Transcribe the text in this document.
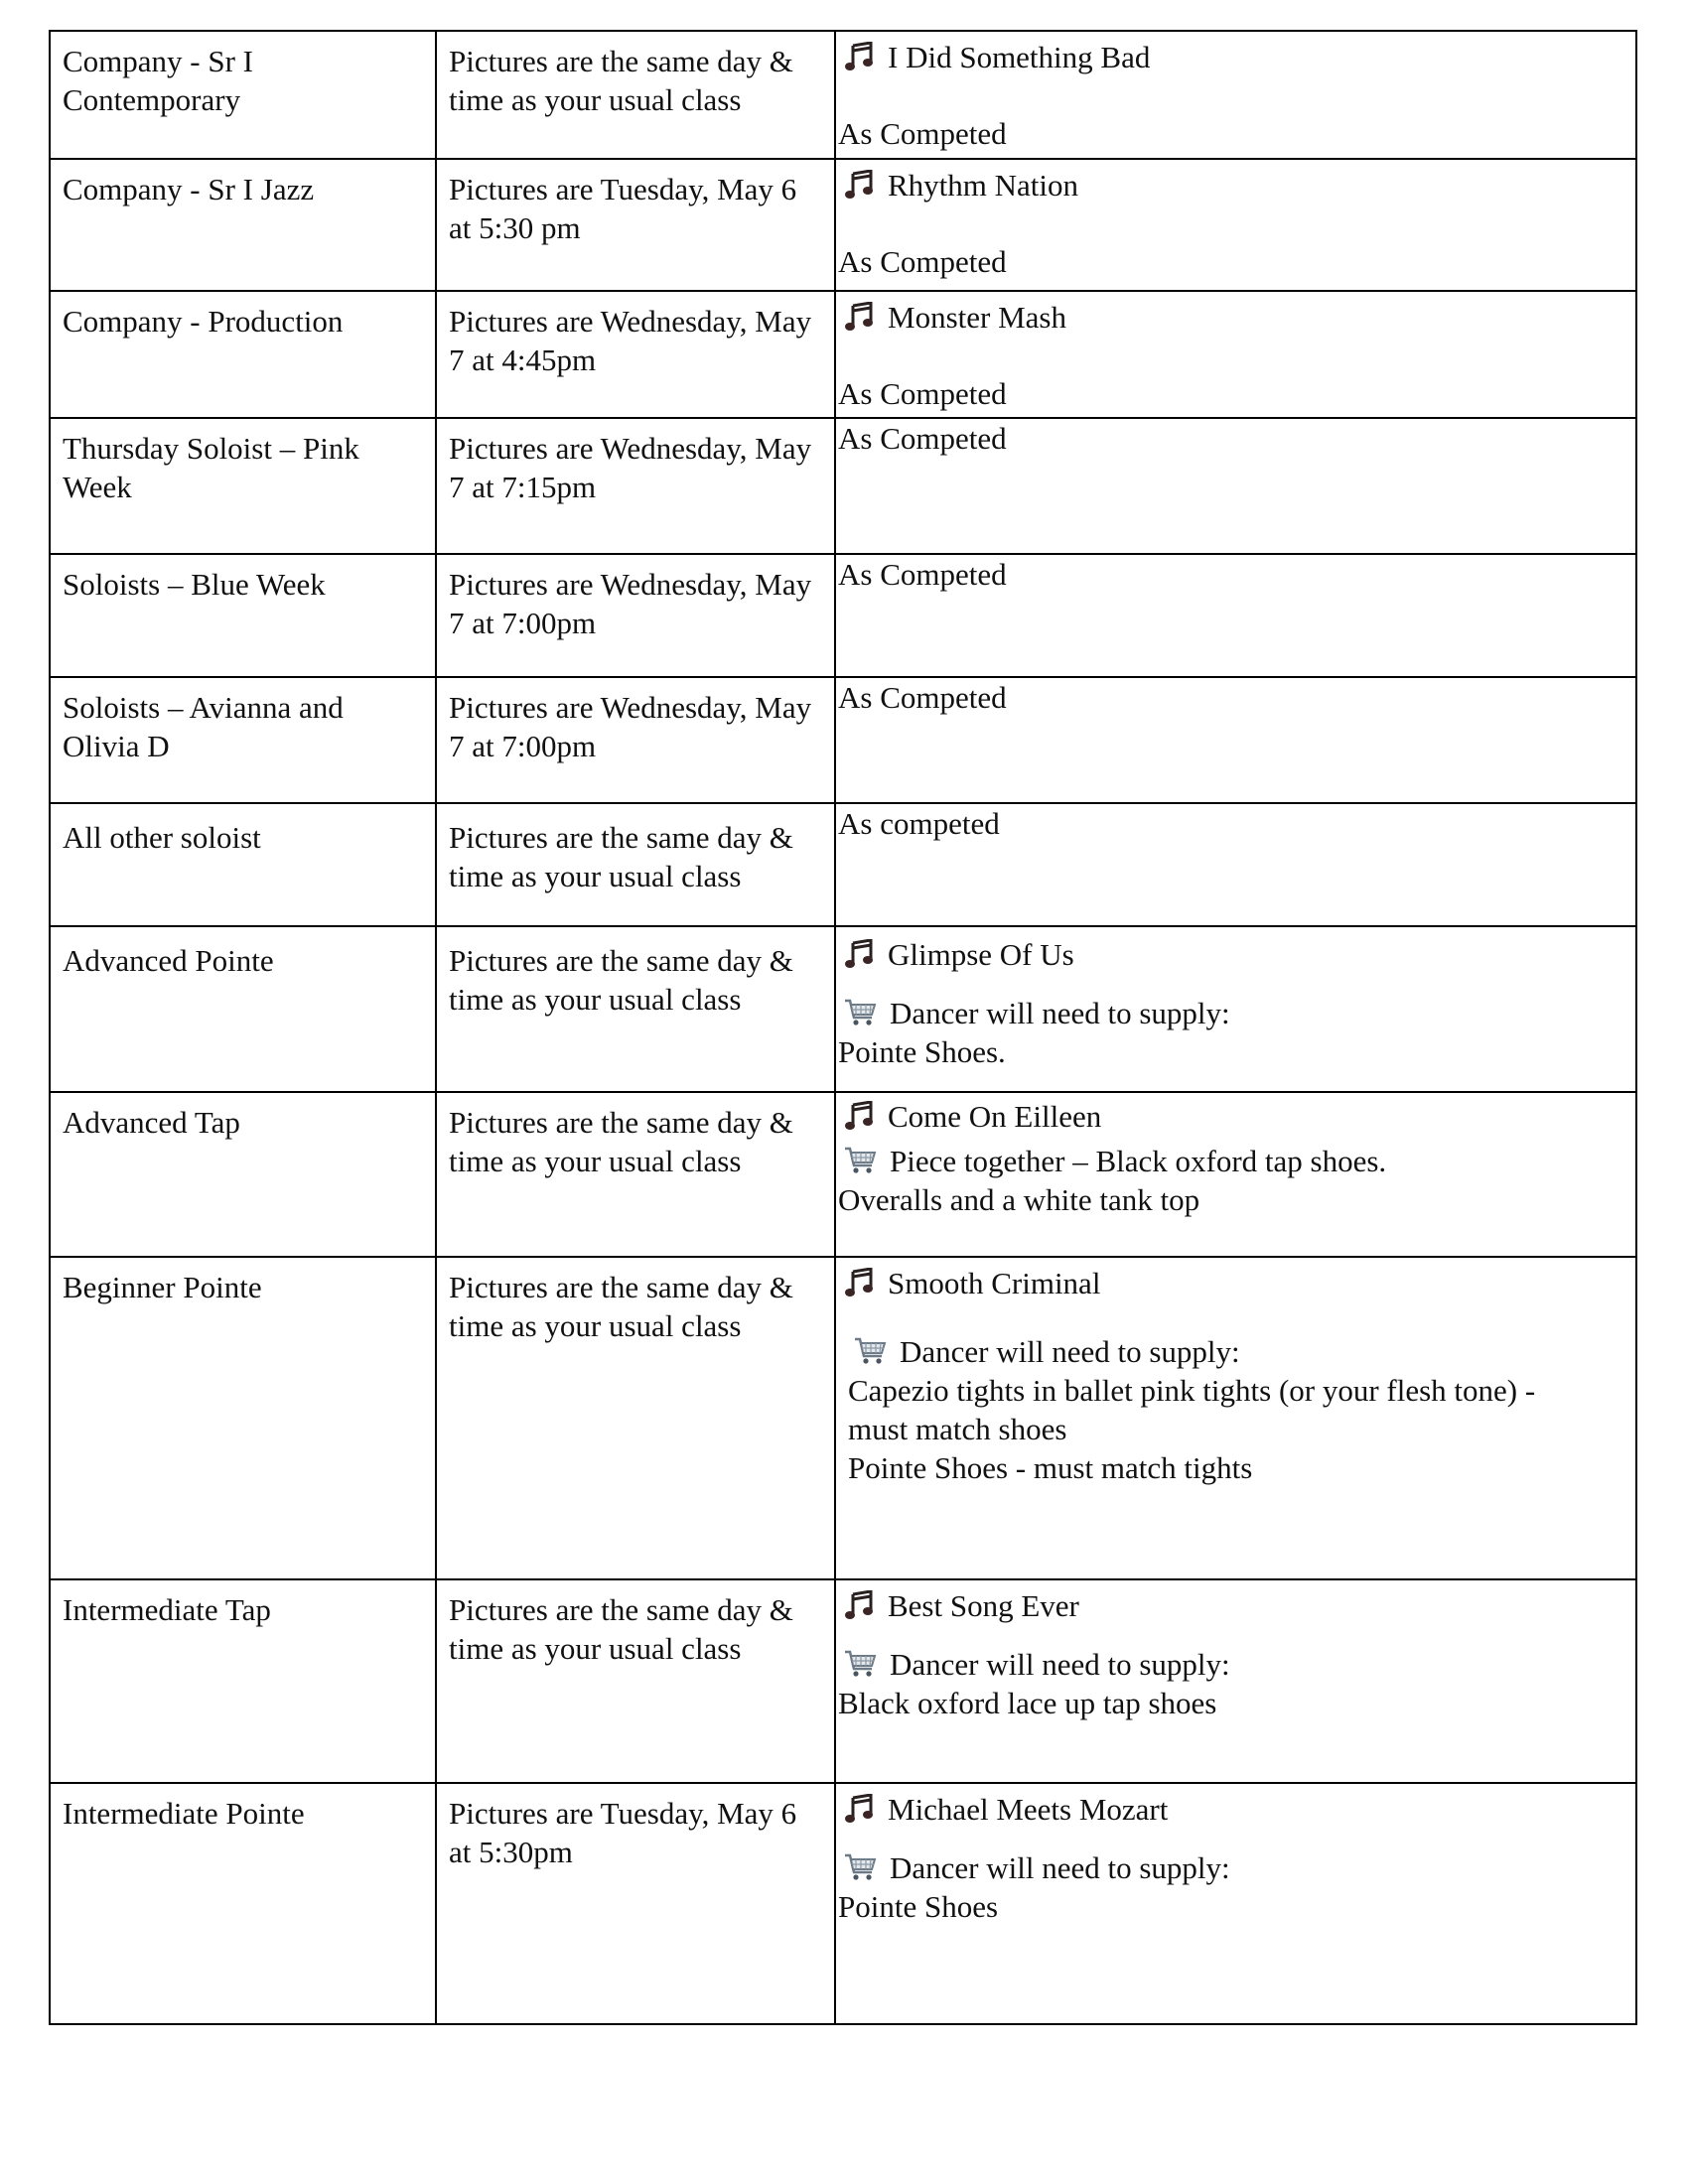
Company - Sr I Contemporary	Pictures are the same day & time as your usual class	I Did Something Bad
As Competed

Company - Sr I Jazz	Pictures are Tuesday, May 6 at 5:30 pm	Rhythm Nation
As Competed

Company - Production	Pictures are Wednesday, May 7 at 4:45pm	Monster Mash
As Competed

Thursday Soloist – Pink Week	Pictures are Wednesday, May 7 at 7:15pm	As Competed

Soloists – Blue Week	Pictures are Wednesday, May 7 at 7:00pm	As Competed

Soloists – Avianna and Olivia D	Pictures are Wednesday, May 7 at 7:00pm	As Competed

All other soloist	Pictures are the same day & time as your usual class	As competed

Advanced Pointe	Pictures are the same day & time as your usual class	Glimpse Of Us
Dancer will need to supply:
Pointe Shoes.

Advanced Tap	Pictures are the same day & time as your usual class	Come On Eilleen
Piece together – Black oxford tap shoes.
Overalls and a white tank top

Beginner Pointe	Pictures are the same day & time as your usual class	Smooth Criminal
Dancer will need to supply:
Capezio tights in ballet pink tights (or your flesh tone) - must match shoes
Pointe Shoes - must match tights

Intermediate Tap	Pictures are the same day & time as your usual class	Best Song Ever
Dancer will need to supply:
Black oxford lace up tap shoes

Intermediate Pointe	Pictures are Tuesday, May 6 at 5:30pm	Michael Meets Mozart
Dancer will need to supply:
Pointe Shoes
